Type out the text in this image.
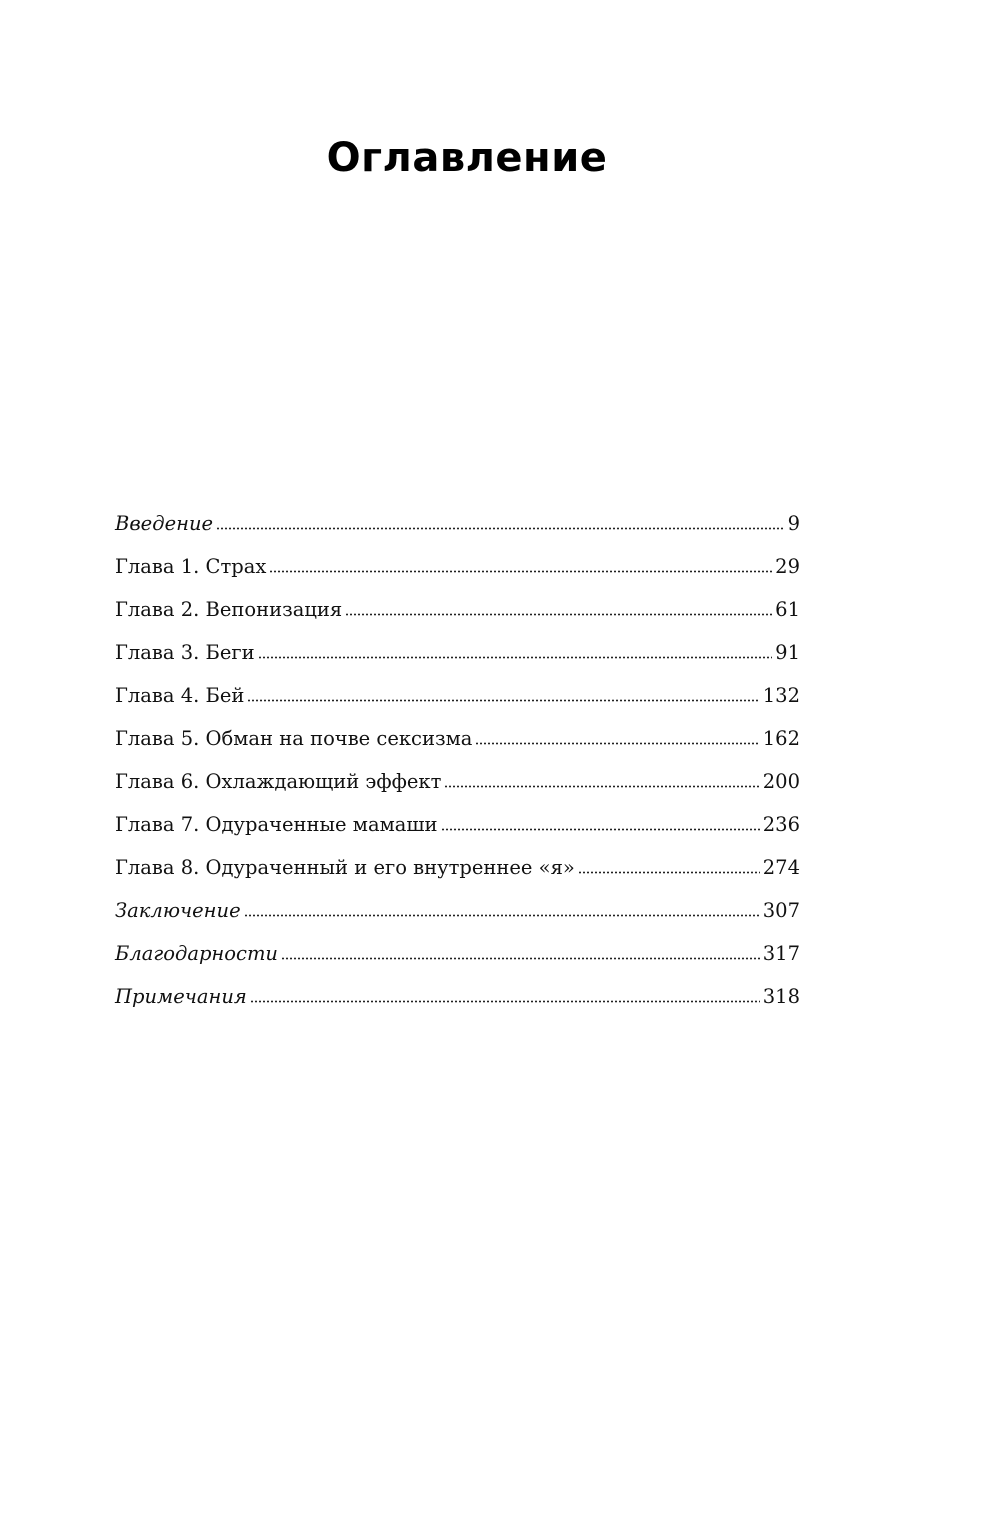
Оглавление
Введение	9
Глава 1. Страх	29
Глава 2. Вепонизация	61
Глава 3. Беги	91
Глава 4. Бей	132
Глава 5. Обман на почве сексизма	162
Глава 6. Охлаждающий эффект	200
Глава 7. Одураченные мамаши	236
Глава 8. Одураченный и его внутреннее «я»	274
Заключение	307
Благодарности	317
Примечания	318
